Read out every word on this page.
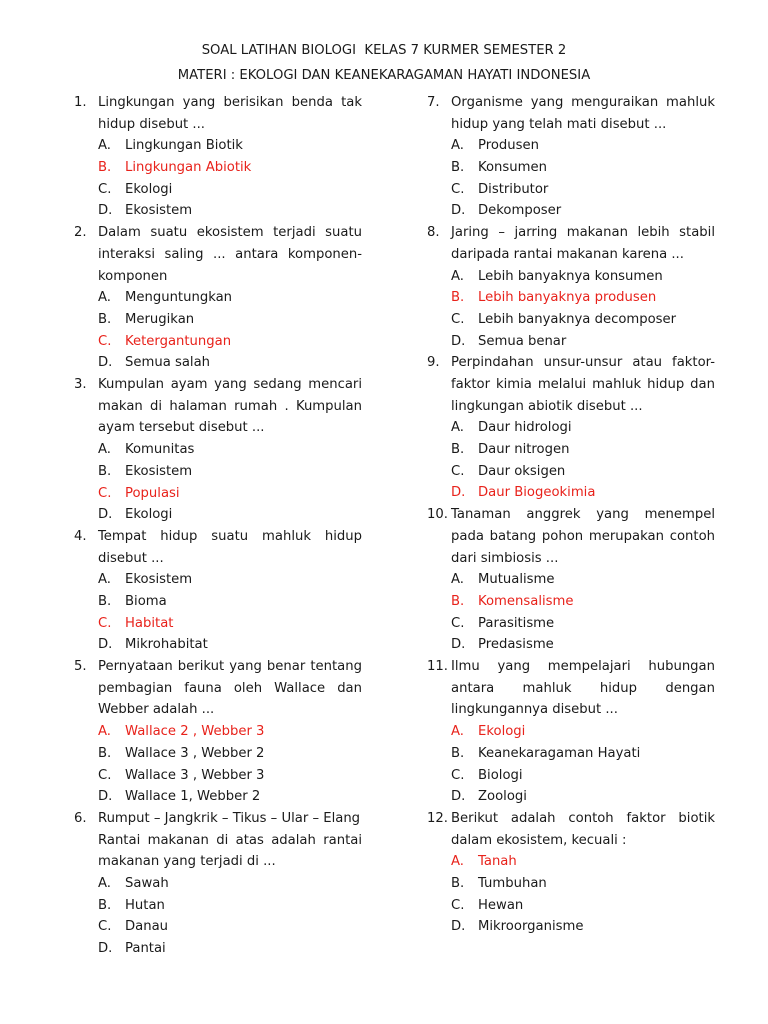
SOAL LATIHAN BIOLOGI  KELAS 7 KURMER SEMESTER 2
MATERI : EKOLOGI DAN KEANEKARAGAMAN HAYATI INDONESIA
1. Lingkungan yang berisikan benda tak hidup disebut ...
A. Lingkungan Biotik
B. Lingkungan Abiotik
C. Ekologi
D. Ekosistem
2. Dalam suatu ekosistem terjadi suatu interaksi saling ... antara komponen-komponen
A. Menguntungkan
B. Merugikan
C. Ketergantungan
D. Semua salah
3. Kumpulan ayam yang sedang mencari makan di halaman rumah . Kumpulan ayam tersebut disebut ...
A. Komunitas
B. Ekosistem
C. Populasi
D. Ekologi
4. Tempat hidup suatu mahluk hidup disebut ...
A. Ekosistem
B. Bioma
C. Habitat
D. Mikrohabitat
5. Pernyataan berikut yang benar tentang pembagian fauna oleh Wallace dan Webber adalah ...
A. Wallace 2 , Webber 3
B. Wallace 3 , Webber 2
C. Wallace 3 , Webber 3
D. Wallace 1, Webber 2
6. Rumput – Jangkrik – Tikus – Ular – Elang
Rantai makanan di atas adalah rantai makanan yang terjadi di ...
A. Sawah
B. Hutan
C. Danau
D. Pantai
7. Organisme yang menguraikan mahluk hidup yang telah mati disebut ...
A. Produsen
B. Konsumen
C. Distributor
D. Dekomposer
8. Jaring – jarring makanan lebih stabil daripada rantai makanan karena ...
A. Lebih banyaknya konsumen
B. Lebih banyaknya produsen
C. Lebih banyaknya decomposer
D. Semua benar
9. Perpindahan unsur-unsur atau faktor-faktor kimia melalui mahluk hidup dan lingkungan abiotik disebut ...
A. Daur hidrologi
B. Daur nitrogen
C. Daur oksigen
D. Daur Biogeokimia
10. Tanaman anggrek yang menempel pada batang pohon merupakan contoh dari simbiosis ...
A. Mutualisme
B. Komensalisme
C. Parasitisme
D. Predasisme
11. Ilmu yang mempelajari hubungan antara mahluk hidup dengan lingkungannya disebut ...
A. Ekologi
B. Keanekaragaman Hayati
C. Biologi
D. Zoologi
12. Berikut adalah contoh faktor biotik dalam ekosistem, kecuali :
A. Tanah
B. Tumbuhan
C. Hewan
D. Mikroorganisme
